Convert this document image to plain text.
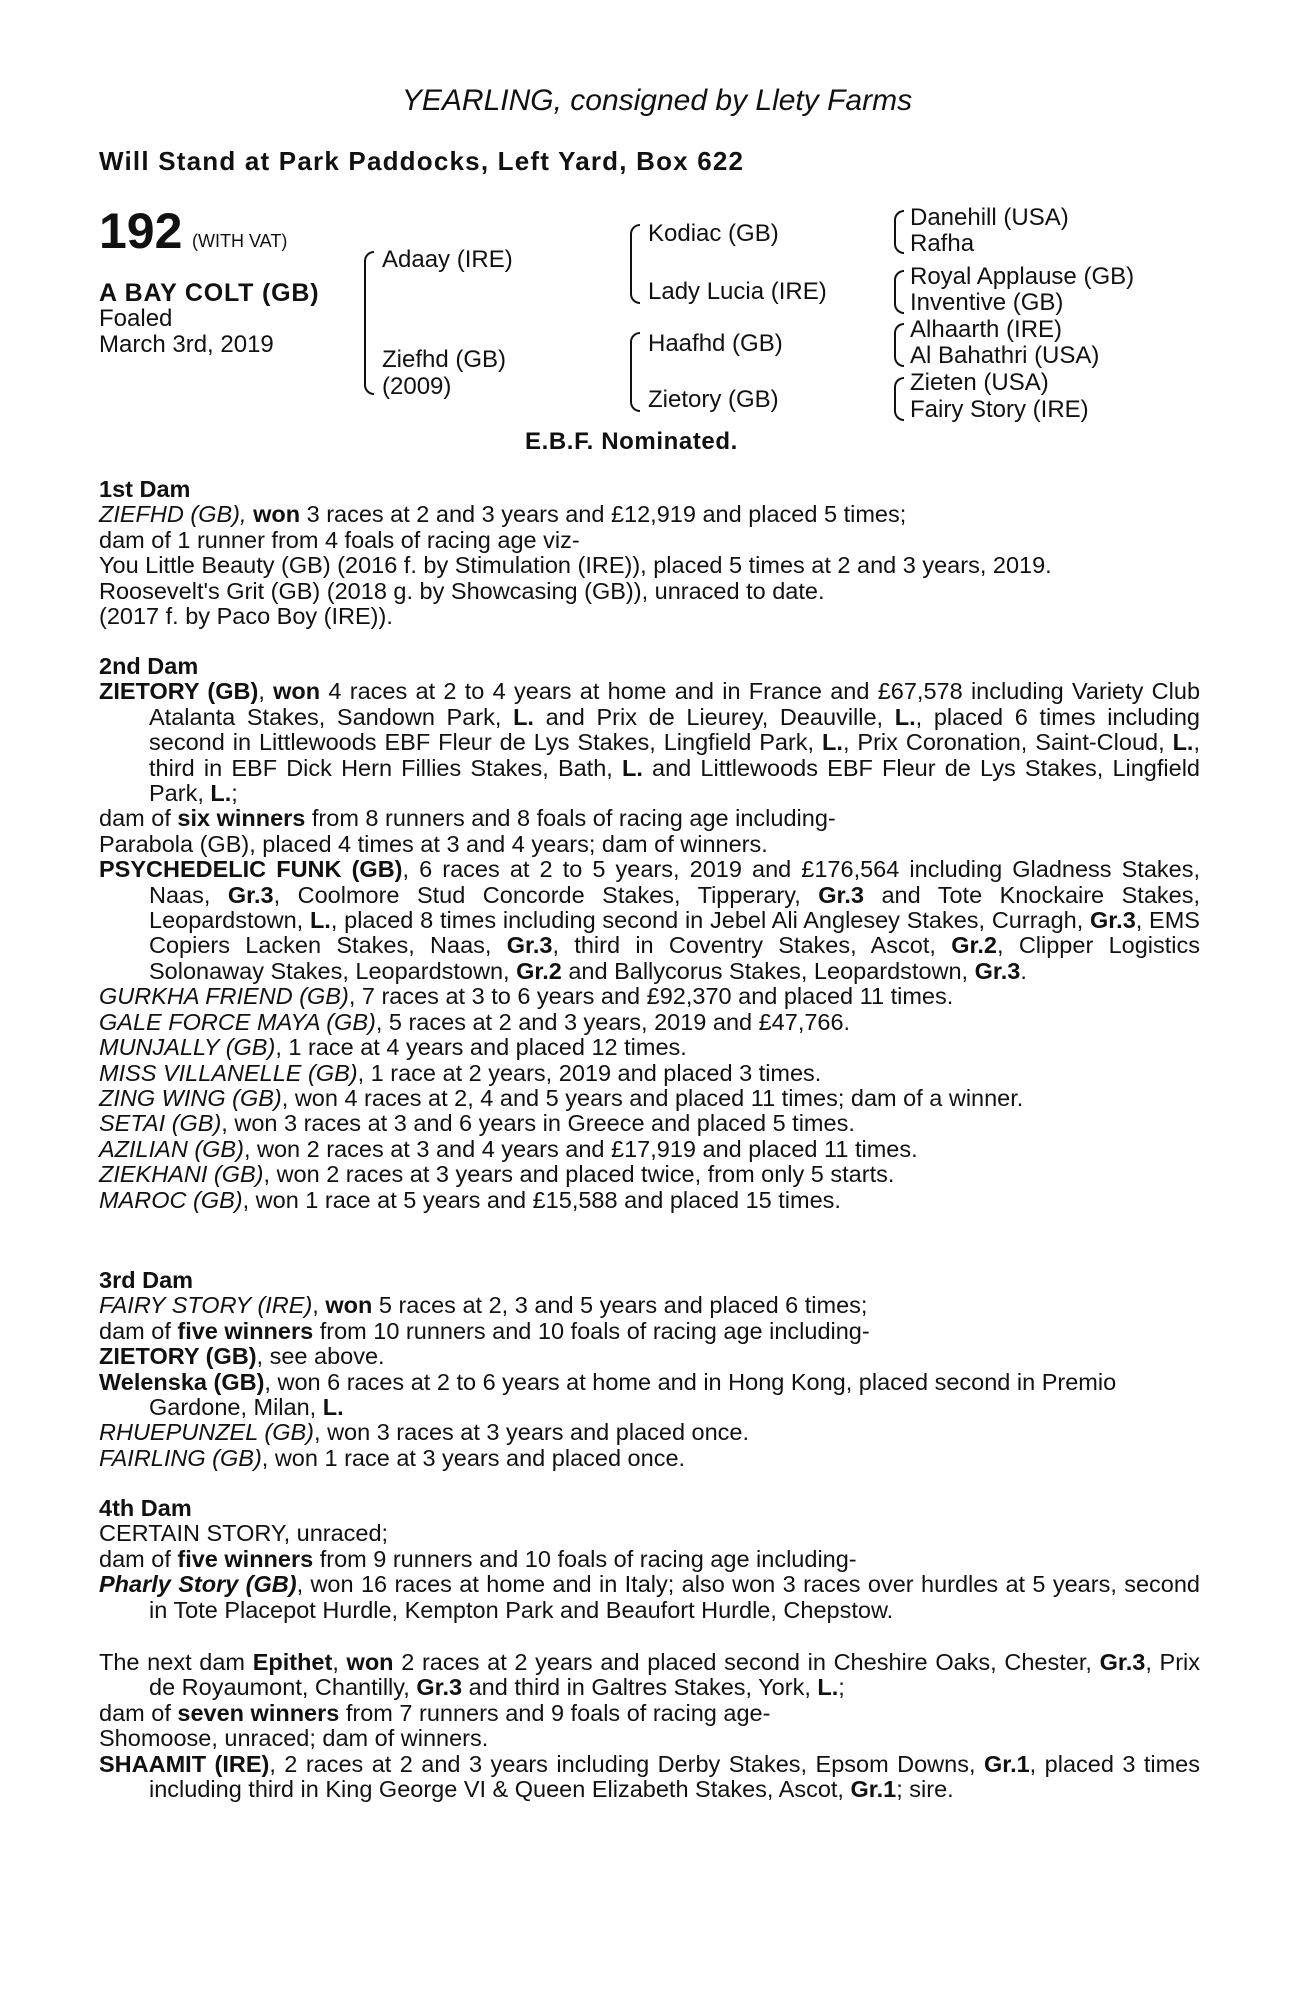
YEARLING, consigned by Llety Farms
Will Stand at Park Paddocks, Left Yard, Box 622
192 (WITH VAT)
A BAY COLT (GB)
Foaled
March 3rd, 2019
Adaay (IRE)
Ziefhd (GB)
(2009)
Kodiac (GB)
Lady Lucia (IRE)
Haafhd (GB)
Zietory (GB)
Danehill (USA)
Rafha
Royal Applause (GB)
Inventive (GB)
Alhaarth (IRE)
Al Bahathri (USA)
Zieten (USA)
Fairy Story (IRE)
E.B.F. Nominated.

1st Dam

ZIEFHD (GB), won 3 races at 2 and 3 years and £12,919 and placed 5 times;

dam of 1 runner from 4 foals of racing age viz-

You Little Beauty (GB) (2016 f. by Stimulation (IRE)), placed 5 times at 2 and 3 years, 2019.

Roosevelt's Grit (GB) (2018 g. by Showcasing (GB)), unraced to date.

(2017 f. by Paco Boy (IRE)).

2nd Dam

ZIETORY (GB), won 4 races at 2 to 4 years at home and in France and £67,578 including Variety Club Atalanta Stakes, Sandown Park, L. and Prix de Lieurey, Deauville, L., placed 6 times including second in Littlewoods EBF Fleur de Lys Stakes, Lingfield Park, L., Prix Coronation, Saint-Cloud, L., third in EBF Dick Hern Fillies Stakes, Bath, L. and Littlewoods EBF Fleur de Lys Stakes, Lingfield Park, L.;

dam of six winners from 8 runners and 8 foals of racing age including-

Parabola (GB), placed 4 times at 3 and 4 years; dam of winners.

PSYCHEDELIC FUNK (GB), 6 races at 2 to 5 years, 2019 and £176,564 including Gladness Stakes, Naas, Gr.3, Coolmore Stud Concorde Stakes, Tipperary, Gr.3 and Tote Knockaire Stakes, Leopardstown, L., placed 8 times including second in Jebel Ali Anglesey Stakes, Curragh, Gr.3, EMS Copiers Lacken Stakes, Naas, Gr.3, third in Coventry Stakes, Ascot, Gr.2, Clipper Logistics Solonaway Stakes, Leopardstown, Gr.2 and Ballycorus Stakes, Leopardstown, Gr.3.

GURKHA FRIEND (GB), 7 races at 3 to 6 years and £92,370 and placed 11 times.

GALE FORCE MAYA (GB), 5 races at 2 and 3 years, 2019 and £47,766.

MUNJALLY (GB), 1 race at 4 years and placed 12 times.

MISS VILLANELLE (GB), 1 race at 2 years, 2019 and placed 3 times.

ZING WING (GB), won 4 races at 2, 4 and 5 years and placed 11 times; dam of a winner.

SETAI (GB), won 3 races at 3 and 6 years in Greece and placed 5 times.

AZILIAN (GB), won 2 races at 3 and 4 years and £17,919 and placed 11 times.

ZIEKHANI (GB), won 2 races at 3 years and placed twice, from only 5 starts.

MAROC (GB), won 1 race at 5 years and £15,588 and placed 15 times.

3rd Dam

FAIRY STORY (IRE), won 5 races at 2, 3 and 5 years and placed 6 times;

dam of five winners from 10 runners and 10 foals of racing age including-

ZIETORY (GB), see above.

Welenska (GB), won 6 races at 2 to 6 years at home and in Hong Kong, placed second in Premio Gardone, Milan, L.

RHUEPUNZEL (GB), won 3 races at 3 years and placed once.

FAIRLING (GB), won 1 race at 3 years and placed once.

4th Dam

CERTAIN STORY, unraced;

dam of five winners from 9 runners and 10 foals of racing age including-

Pharly Story (GB), won 16 races at home and in Italy; also won 3 races over hurdles at 5 years, second in Tote Placepot Hurdle, Kempton Park and Beaufort Hurdle, Chepstow.

The next dam Epithet, won 2 races at 2 years and placed second in Cheshire Oaks, Chester, Gr.3, Prix de Royaumont, Chantilly, Gr.3 and third in Galtres Stakes, York, L.;

dam of seven winners from 7 runners and 9 foals of racing age-

Shomoose, unraced; dam of winners.

SHAAMIT (IRE), 2 races at 2 and 3 years including Derby Stakes, Epsom Downs, Gr.1, placed 3 times including third in King George VI & Queen Elizabeth Stakes, Ascot, Gr.1; sire.
